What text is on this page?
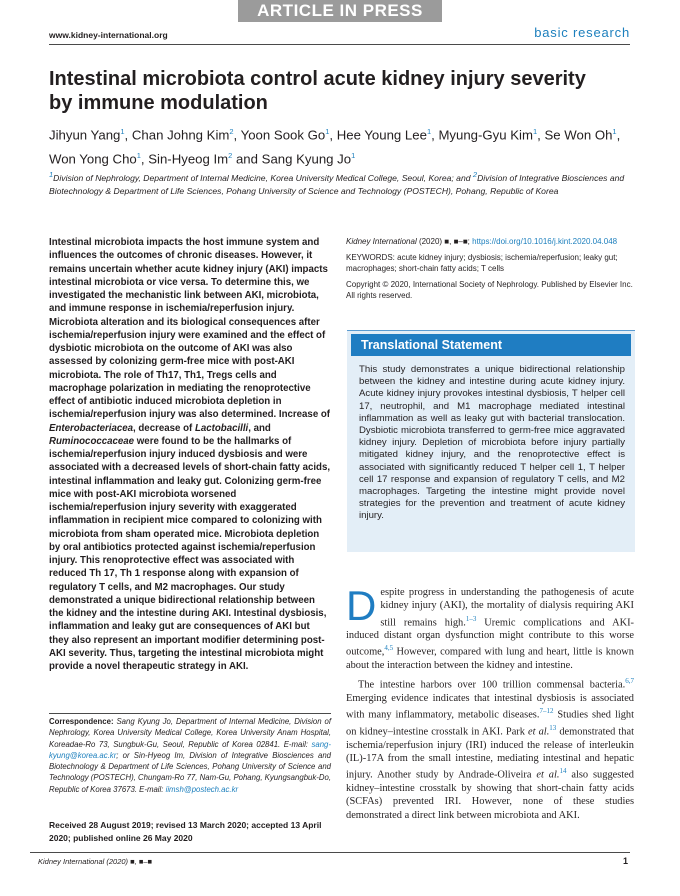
ARTICLE IN PRESS
www.kidney-international.org	basic research
Intestinal microbiota control acute kidney injury severity by immune modulation
Jihyun Yang$^1$, Chan Johng Kim$^2$, Yoon Sook Go$^1$, Hee Young Lee$^1$, Myung-Gyu Kim$^1$, Se Won Oh$^1$, Won Yong Cho$^1$, Sin-Hyeog Im$^2$ and Sang Kyung Jo$^1$
$^1$Division of Nephrology, Department of Internal Medicine, Korea University Medical College, Seoul, Korea; and $^2$Division of Integrative Biosciences and Biotechnology & Department of Life Sciences, Pohang University of Science and Technology (POSTECH), Pohang, Republic of Korea
Intestinal microbiota impacts the host immune system and influences the outcomes of chronic diseases. However, it remains uncertain whether acute kidney injury (AKI) impacts intestinal microbiota or vice versa. To determine this, we investigated the mechanistic link between AKI, microbiota, and immune response in ischemia/reperfusion injury. Microbiota alteration and its biological consequences after ischemia/reperfusion injury were examined and the effect of dysbiotic microbiota on the outcome of AKI was also assessed by colonizing germ-free mice with post-AKI microbiota. The role of Th17, Th1, Tregs cells and macrophage polarization in mediating the renoprotective effect of antibiotic induced microbiota depletion in ischemia/reperfusion injury was also determined. Increase of Enterobacteriacea, decrease of Lactobacilli, and Ruminococcaceae were found to be the hallmarks of ischemia/reperfusion injury induced dysbiosis and were associated with a decreased levels of short-chain fatty acids, intestinal inflammation and leaky gut. Colonizing germ-free mice with post-AKI microbiota worsened ischemia/reperfusion injury severity with exaggerated inflammation in recipient mice compared to colonizing with microbiota from sham operated mice. Microbiota depletion by oral antibiotics protected against ischemia/reperfusion injury. This renoprotective effect was associated with reduced Th 17, Th 1 response along with expansion of regulatory T cells, and M2 macrophages. Our study demonstrated a unique bidirectional relationship between the kidney and the intestine during AKI. Intestinal dysbiosis, inflammation and leaky gut are consequences of AKI but they also represent an important modifier determining post-AKI severity. Thus, targeting the intestinal microbiota might provide a novel therapeutic strategy in AKI.
Correspondence: Sang Kyung Jo, Department of Internal Medicine, Division of Nephrology, Korea University Medical College, Korea University Anam Hospital, Koreadae-Ro 73, Sungbuk-Gu, Seoul, Republic of Korea 02841. E-mail: sang-kyung@korea.ac.kr; or Sin-Hyeog Im, Division of Integrative Biosciences and Biotechnology & Department of Life Sciences, Pohang University of Science and Technology (POSTECH), Chungam-Ro 77, Nam-Gu, Pohang, Kyungsangbuk-Do, Republic of Korea 37673. E-mail: iimsh@postech.ac.kr
Received 28 August 2019; revised 13 March 2020; accepted 13 April 2020; published online 26 May 2020
Kidney International (2020) ■, ■–■; https://doi.org/10.1016/j.kint.2020.04.048
KEYWORDS: acute kidney injury; dysbiosis; ischemia/reperfusion; leaky gut; macrophages; short-chain fatty acids; T cells
Copyright © 2020, International Society of Nephrology. Published by Elsevier Inc. All rights reserved.
Translational Statement
This study demonstrates a unique bidirectional relationship between the kidney and intestine during acute kidney injury. Acute kidney injury provokes intestinal dysbiosis, T helper cell 17, neutrophil, and M1 macrophage mediated intestinal inflammation as well as leaky gut with bacterial translocation. Dysbiotic microbiota transferred to germ-free mice aggravated kidney injury. Depletion of microbiota before injury partially mitigated kidney injury, and the renoprotective effect is associated with significantly reduced T helper cell 1, T helper cell 17 response and expansion of regulatory T cells, and M2 macrophages. Targeting the intestine might provide novel strategies for the prevention and treatment of acute kidney injury.

Despite progress in understanding the pathogenesis of acute kidney injury (AKI), the mortality of dialysis requiring AKI still remains high.$^{1-3}$ Uremic complications and AKI-induced distant organ dysfunction might contribute to this worse outcome,$^{4,5}$ However, compared with lung and heart, little is known about the interaction between the kidney and intestine.

The intestine harbors over 100 trillion commensal bacteria.$^{6,7}$ Emerging evidence indicates that intestinal dysbiosis is associated with many inflammatory, metabolic diseases.$^{7-12}$ Studies shed light on kidney–intestine crosstalk in AKI. Park et al.$^{13}$ demonstrated that ischemia/reperfusion injury (IRI) induced the release of interleukin (IL)-17A from the small intestine, mediating intestinal and hepatic injury. Another study by Andrade-Oliveira et al.$^{14}$ also suggested kidney–intestine crosstalk by showing that short-chain fatty acids (SCFAs) prevented IRI. However, none of these studies demonstrated a direct link between microbiota and AKI.

Kidney International (2020) ■, ■–■	1
